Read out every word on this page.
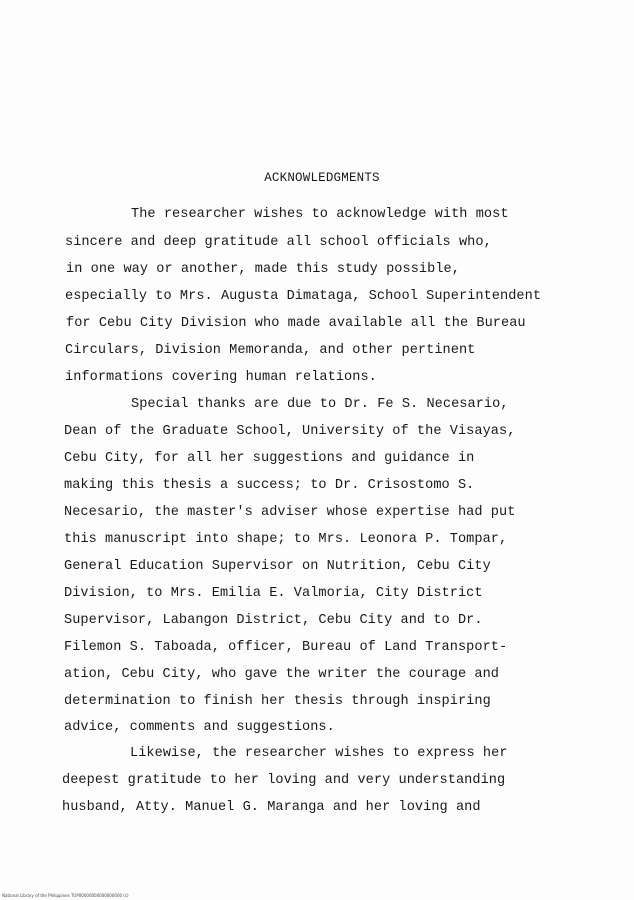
ACKNOWLEDGMENTS
The researcher wishes to acknowledge with most
sincere and deep gratitude all school officials who,
in one way or another, made this study possible,
especially to Mrs. Augusta Dimataga, School Superintendent
for Cebu City Division who made available all the Bureau
Circulars, Division Memoranda, and other pertinent
informations covering human relations.
Special thanks are due to Dr. Fe S. Necesario,
Dean of the Graduate School, University of the Visayas,
Cebu City, for all her suggestions and guidance in
making this thesis a success; to Dr. Crisostomo S.
Necesario, the master's adviser whose expertise had put
this manuscript into shape; to Mrs. Leonora P. Tompar,
General Education Supervisor on Nutrition, Cebu City
Division, to Mrs. Emilia E. Valmoria, City District
Supervisor, Labangon District, Cebu City and to Dr.
Filemon S. Taboada, officer, Bureau of Land Transport-
ation, Cebu City, who gave the writer the courage and
determination to finish her thesis through inspiring
advice, comments and suggestions.
Likewise, the researcher wishes to express her
deepest gratitude to her loving and very understanding
husband, Atty. Manuel G. Maranga and her loving and
National Library of the Philippines TUP00000000000000000 (c)
